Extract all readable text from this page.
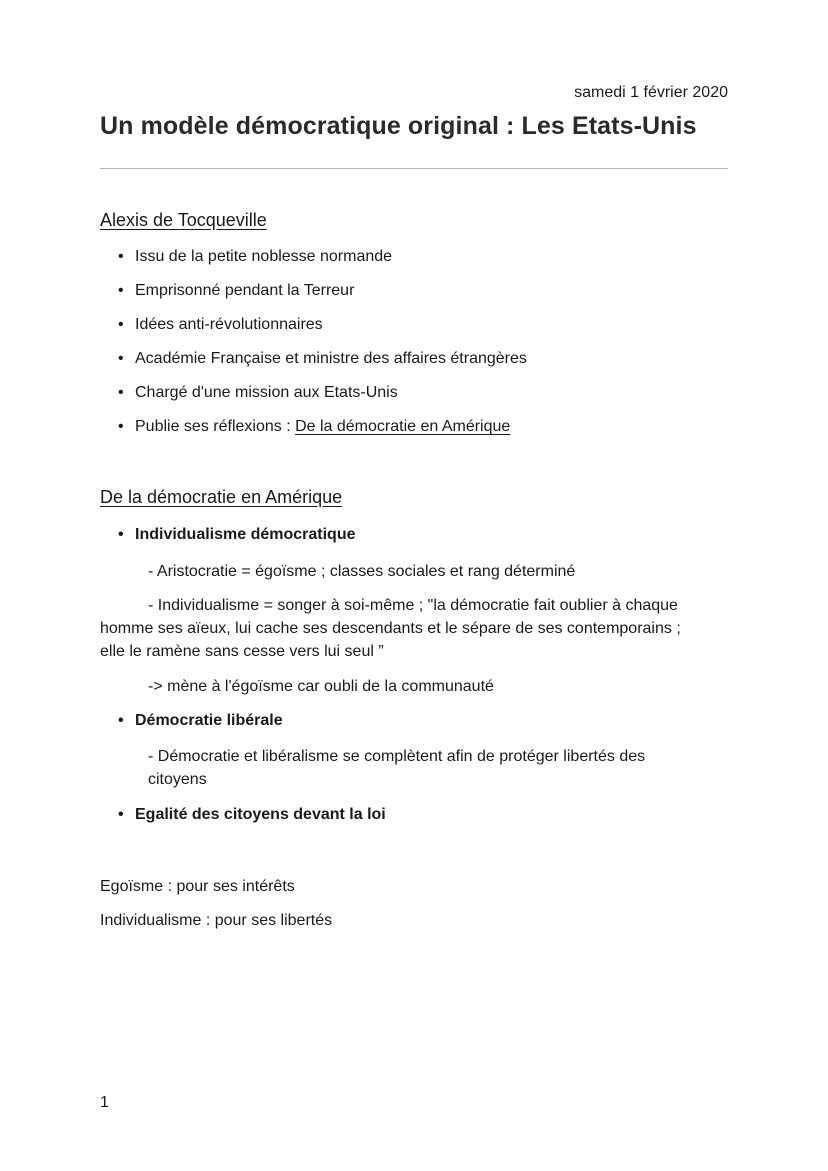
samedi 1 février 2020
Un modèle démocratique original : Les Etats-Unis
Alexis de Tocqueville
• Issu de la petite noblesse normande
• Emprisonné pendant la Terreur
• Idées anti-révolutionnaires
• Académie Française et ministre des affaires étrangères
• Chargé d'une mission aux Etats-Unis
• Publie ses réflexions : De la démocratie en Amérique
De la démocratie en Amérique
• Individualisme démocratique
- Aristocratie = égoïsme ; classes sociales et rang déterminé
- Individualisme = songer à soi-même ; "la démocratie fait oublier à chaque
homme ses aïeux, lui cache ses descendants et le sépare de ses contemporains ;
elle le ramène sans cesse vers lui seul ”
-> mène à l'égoïsme car oubli de la communauté
• Démocratie libérale
- Démocratie et libéralisme se complètent afin de protéger libertés des
citoyens
• Egalité des citoyens devant la loi
Egoïsme : pour ses intérêts
Individualisme : pour ses libertés
1
